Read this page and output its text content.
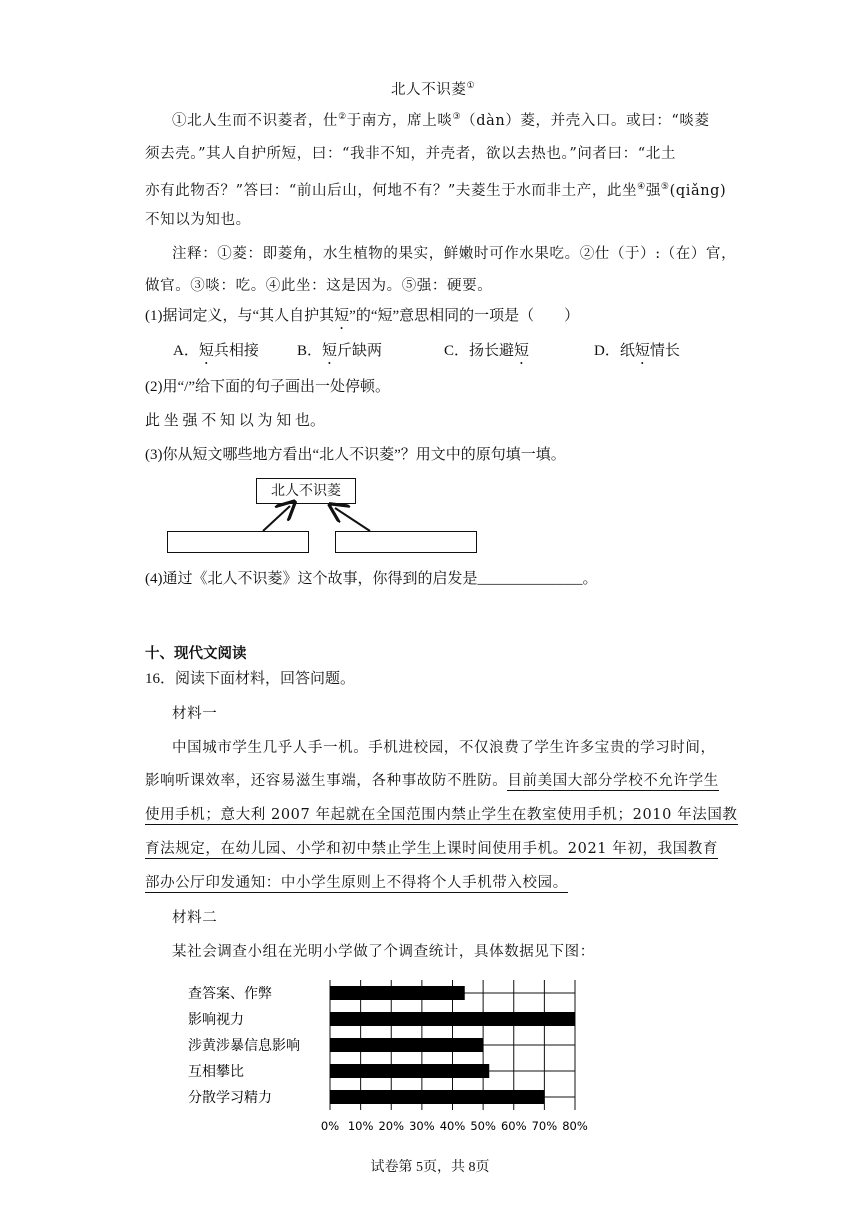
北人不识菱①
①北人生而不识菱者，仕②于南方，席上啖③（dàn）菱，并壳入口。或曰：“啖菱
须去壳。”其人自护所短，曰：“我非不知，并壳者，欲以去热也。”问者曰：“北土
亦有此物否？”答曰：“前山后山，何地不有？”夫菱生于水而非土产，此坐④强⑤(qiǎng)
不知以为知也。
注释：①菱：即菱角，水生植物的果实，鲜嫩时可作水果吃。②仕（于）:（在）官，
做官。③啖：吃。④此坐：这是因为。⑤强：硬要。
(1)据词定义，与“其人自护其短”的“短”意思相同的一项是（　　）
A．短兵相接	B．短斤缺两	C．扬长避短	D．纸短情长
(2)用“/”给下面的句子画出一处停顿。
此 坐 强 不 知 以 为 知 也。
(3)你从短文哪些地方看出“北人不识菱”？用文中的原句填一填。
北人不识菱
(4)通过《北人不识菱》这个故事，你得到的启发是______________。
十、现代文阅读
16．阅读下面材料，回答问题。
材料一
中国城市学生几乎人手一机。手机进校园，不仅浪费了学生许多宝贵的学习时间，
影响听课效率，还容易滋生事端，各种事故防不胜防。目前美国大部分学校不允许学生
使用手机；意大利 2007 年起就在全国范围内禁止学生在教室使用手机；2010 年法国教
育法规定，在幼儿园、小学和初中禁止学生上课时间使用手机。2021 年初，我国教育
部办公厅印发通知：中小学生原则上不得将个人手机带入校园。
材料二
某社会调查小组在光明小学做了个调查统计，具体数据见下图：
0% 10% 20% 30% 40% 50% 60% 70% 80%
查答案、作弊
影响视力
涉黄涉暴信息影响
互相攀比
分散学习精力
试卷第 5页，共 8页
